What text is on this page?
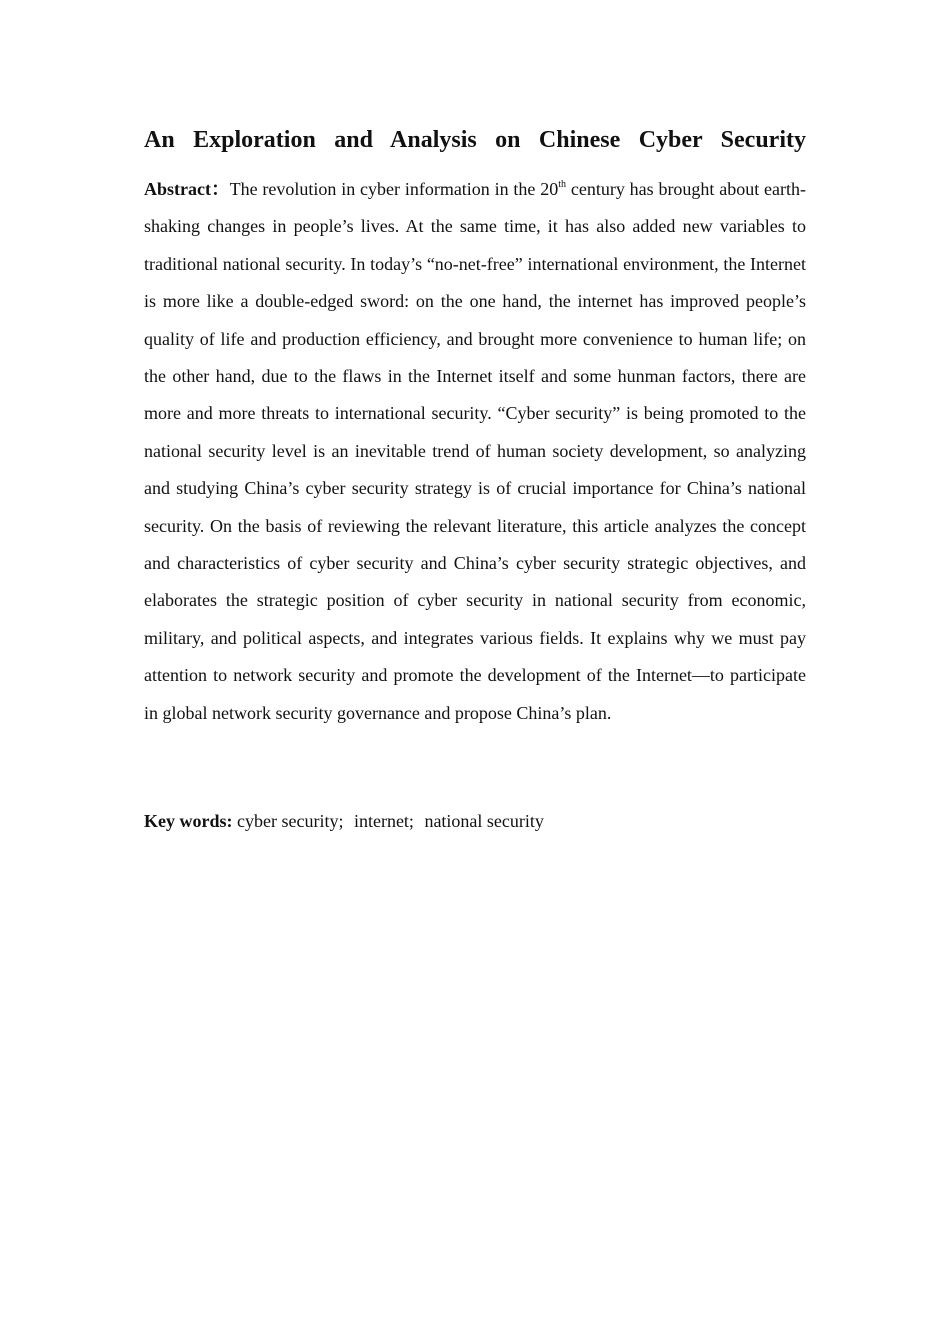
An Exploration and Analysis on Chinese Cyber Security

Abstract：The revolution in cyber information in the 20th century has brought about earth-shaking changes in people’s lives. At the same time, it has also added new variables to traditional national security. In today’s “no-net-free” international environment, the Internet is more like a double-edged sword: on the one hand, the internet has improved people’s quality of life and production efficiency, and brought more convenience to human life; on the other hand, due to the flaws in the Internet itself and some hunman factors, there are more and more threats to international security. “Cyber security” is being promoted to the national security level is an inevitable trend of human society development, so analyzing and studying China’s cyber security strategy is of crucial importance for China’s national security. On the basis of reviewing the relevant literature, this article analyzes the concept and characteristics of cyber security and China’s cyber security strategic objectives, and elaborates the strategic position of cyber security in national security from economic, military, and political aspects, and integrates various fields. It explains why we must pay attention to network security and promote the development of the Internet—to participate in global network security governance and propose China’s plan.

Key words: cyber security; internet; national security
